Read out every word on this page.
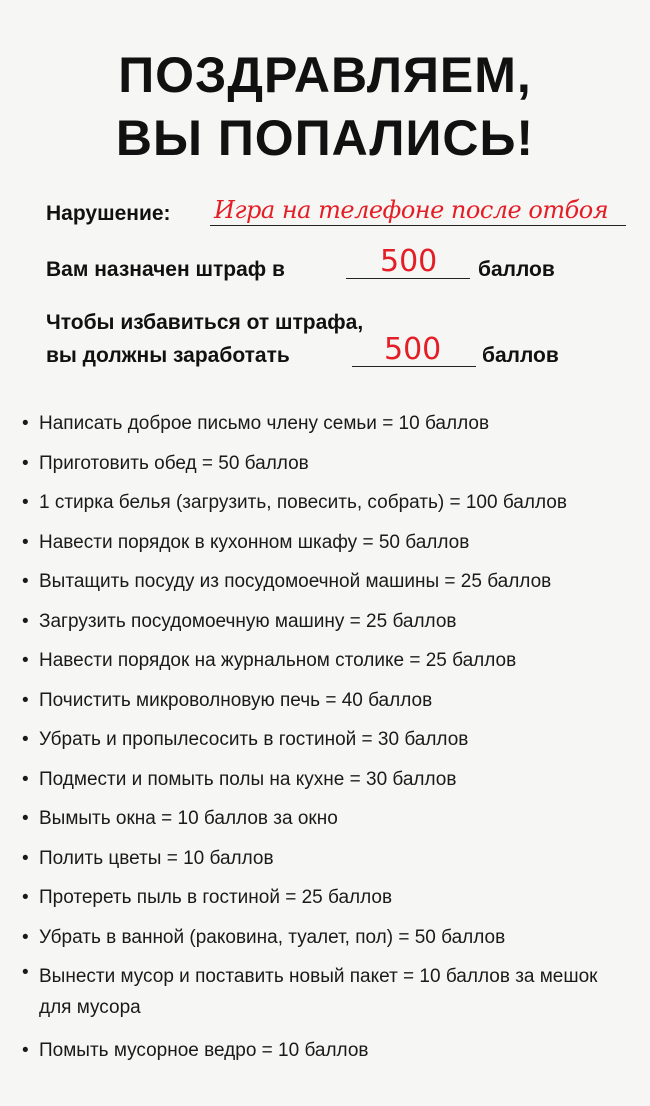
ПОЗДРАВЛЯЕМ,
ВЫ ПОПАЛИСЬ!
Нарушение: Игра на телефоне после отбоя
Вам назначен штраф в	500 баллов
Чтобы избавиться от штрафа,
вы должны заработать	500 баллов
• Написать доброе письмо члену семьи = 10 баллов
• Приготовить обед = 50 баллов
• 1 стирка белья (загрузить, повесить, собрать) = 100 баллов
• Навести порядок в кухонном шкафу = 50 баллов
• Вытащить посуду из посудомоечной машины = 25 баллов
• Загрузить посудомоечную машину = 25 баллов
• Навести порядок на журнальном столике = 25 баллов
• Почистить микроволновую печь = 40 баллов
• Убрать и пропылесосить в гостиной = 30 баллов
• Подмести и помыть полы на кухне = 30 баллов
• Вымыть окна = 10 баллов за окно
• Полить цветы = 10 баллов
• Протереть пыль в гостиной = 25 баллов
• Убрать в ванной (раковина, туалет, пол) = 50 баллов
• Вынести мусор и поставить новый пакет = 10 баллов за мешок для мусора
• Помыть мусорное ведро = 10 баллов
